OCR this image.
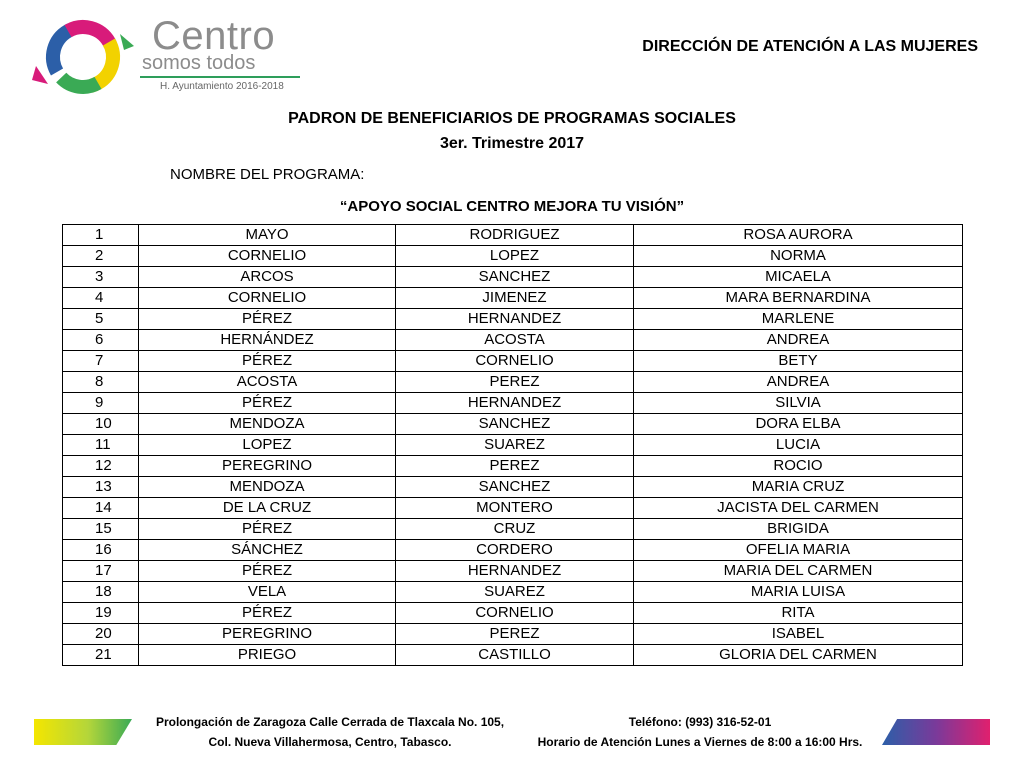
Centro
somos todos
H. Ayuntamiento 2016-2018
DIRECCIÓN DE ATENCIÓN A LAS MUJERES
PADRON DE BENEFICIARIOS DE PROGRAMAS SOCIALES
3er. Trimestre 2017
NOMBRE DEL PROGRAMA:
“APOYO SOCIAL CENTRO MEJORA TU VISIÓN”
1	MAYO	RODRIGUEZ	ROSA AURORA
2	CORNELIO	LOPEZ	NORMA
3	ARCOS	SANCHEZ	MICAELA
4	CORNELIO	JIMENEZ	MARA BERNARDINA
5	PÉREZ	HERNANDEZ	MARLENE
6	HERNÁNDEZ	ACOSTA	ANDREA
7	PÉREZ	CORNELIO	BETY
8	ACOSTA	PEREZ	ANDREA
9	PÉREZ	HERNANDEZ	SILVIA
10	MENDOZA	SANCHEZ	DORA ELBA
11	LOPEZ	SUAREZ	LUCIA
12	PEREGRINO	PEREZ	ROCIO
13	MENDOZA	SANCHEZ	MARIA CRUZ
14	DE LA CRUZ	MONTERO	JACISTA DEL CARMEN
15	PÉREZ	CRUZ	BRIGIDA
16	SÁNCHEZ	CORDERO	OFELIA MARIA
17	PÉREZ	HERNANDEZ	MARIA DEL CARMEN
18	VELA	SUAREZ	MARIA LUISA
19	PÉREZ	CORNELIO	RITA
20	PEREGRINO	PEREZ	ISABEL
21	PRIEGO	CASTILLO	GLORIA DEL CARMEN
Prolongación de Zaragoza Calle Cerrada de Tlaxcala No. 105,
Col. Nueva Villahermosa, Centro, Tabasco.
Teléfono: (993) 316-52-01
Horario de Atención Lunes a Viernes de 8:00 a 16:00 Hrs.
